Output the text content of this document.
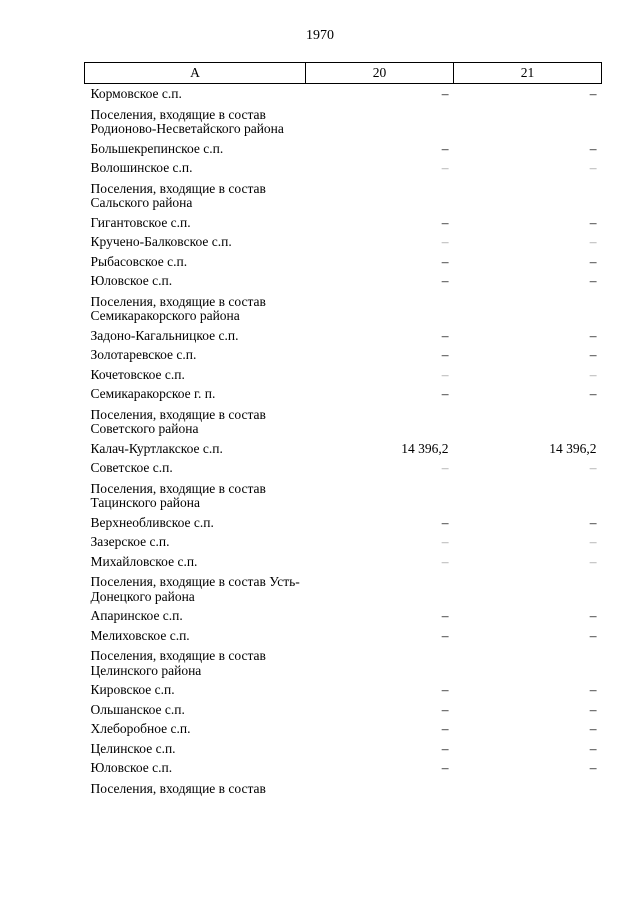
1970
А	20	21
Кормовское с.п.	–	–
Поселения, входящие в состав Родионово-Несветайского района		
Большекрепинское с.п.	–	–
Волошинское с.п.	–	–
Поселения, входящие в состав Сальского района		
Гигантовское с.п.	–	–
Кручено-Балковское с.п.	–	–
Рыбасовское с.п.	–	–
Юловское с.п.	–	–
Поселения, входящие в состав Семикаракорского района		
Задоно-Кагальницкое с.п.	–	–
Золотаревское с.п.	–	–
Кочетовское с.п.	–	–
Семикаракорское г. п.	–	–
Поселения, входящие в состав Советского района		
Калач-Куртлакское с.п.	14 396,2	14 396,2
Советское с.п.	–	–
Поселения, входящие в состав Тацинского района		
Верхнеобливское с.п.	–	–
Зазерское с.п.	–	–
Михайловское с.п.	–	–
Поселения, входящие в состав Усть-Донецкого района		
Апаринское с.п.	–	–
Мелиховское с.п.	–	–
Поселения, входящие в состав Целинского района		
Кировское с.п.	–	–
Ольшанское с.п.	–	–
Хлеборобное с.п.	–	–
Целинское с.п.	–	–
Юловское с.п.	–	–
Поселения, входящие в состав		
